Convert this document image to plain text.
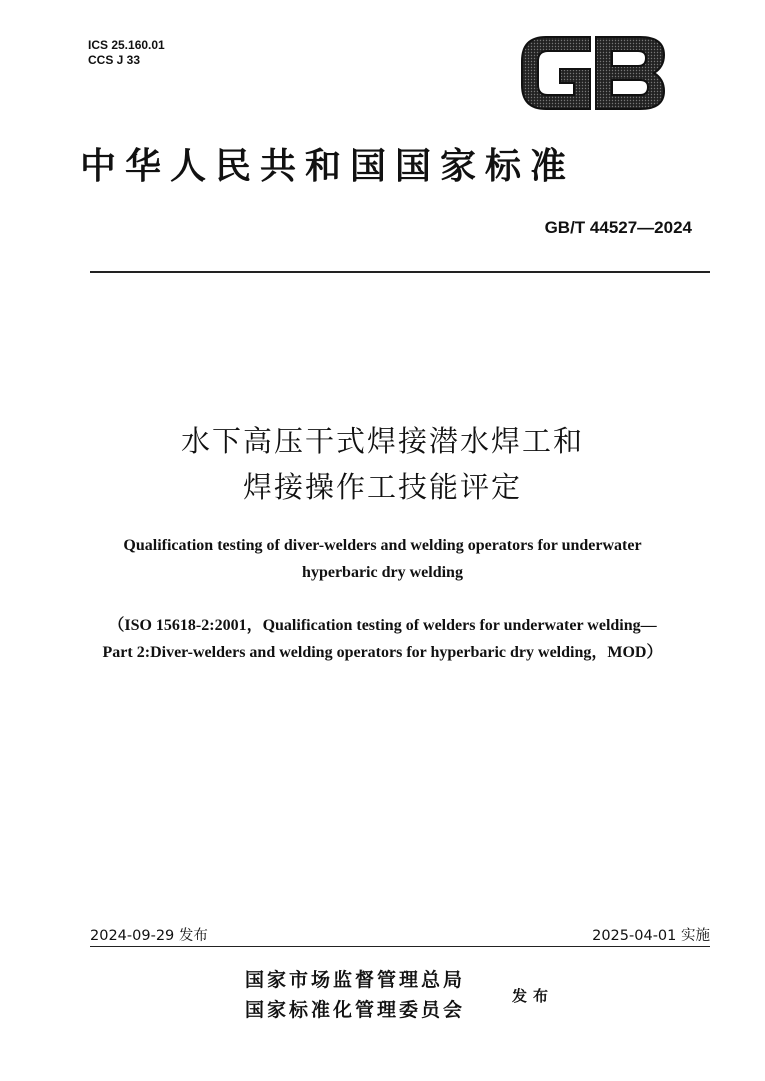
ICS 25.160.01
CCS J 33
中华人民共和国国家标准
GB/T 44527—2024
水下高压干式焊接潜水焊工和
焊接操作工技能评定
Qualification testing of diver-welders and welding operators for underwater
hyperbaric dry welding
（ISO 15618-2:2001，Qualification testing of welders for underwater welding—
Part 2:Diver-welders and welding operators for hyperbaric dry welding，MOD）
2024-09-29 发布	2025-04-01 实施
国家市场监督管理总局
国家标准化管理委员会
发布
